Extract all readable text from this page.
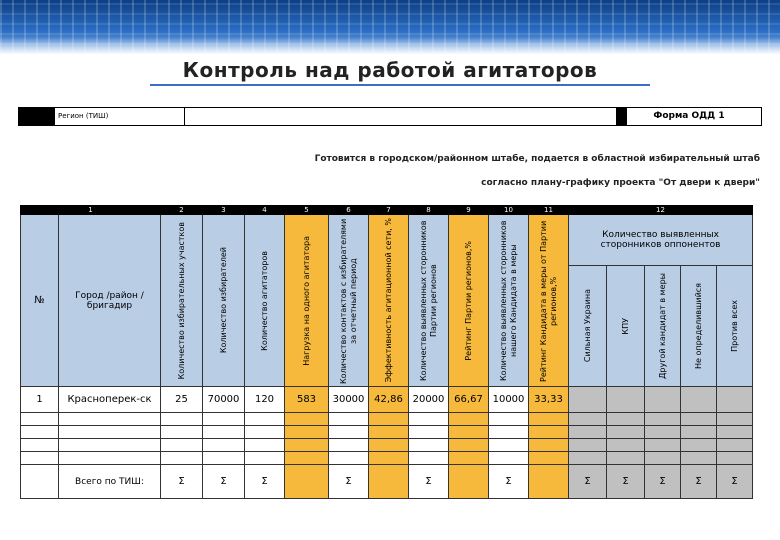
Контроль над работой агитаторов
Регион (ТИШ)	Форма ОДД 1
Готовится в городском/районном штабе, подается в областной избирательный штаб
согласно плану-графику проекта "От двери к двери"
1		2	3	4	5	6	7	8	9	10	11	12				
№	Город /район / бригадир	Количество избирательных участков	Количество избирателей	Количество агитаторов	Нагрузка на одного агитатора	Количество контактов с избирателями за отчетный период	Эффективность агитационной сети, %	Количество выявленных сторонников Партии регионов	Рейтинг Партии регионов,%	Количество выявленных сторонников нашего Кандидата в меры	Рейтинг Кандидата в меры от Партии регионов,%	Количество выявленных сторонников оппонентов				

												Сильная Украина	КПУ	Другой кандидат в меры	Не определившийся	Против всех

1	Красноперек-ск	25	70000	120	583	30000	42,86	20000	66,67	10000	33,33					

	Всего по ТИШ:	Σ	Σ	Σ		Σ		Σ		Σ		Σ	Σ	Σ	Σ	Σ
